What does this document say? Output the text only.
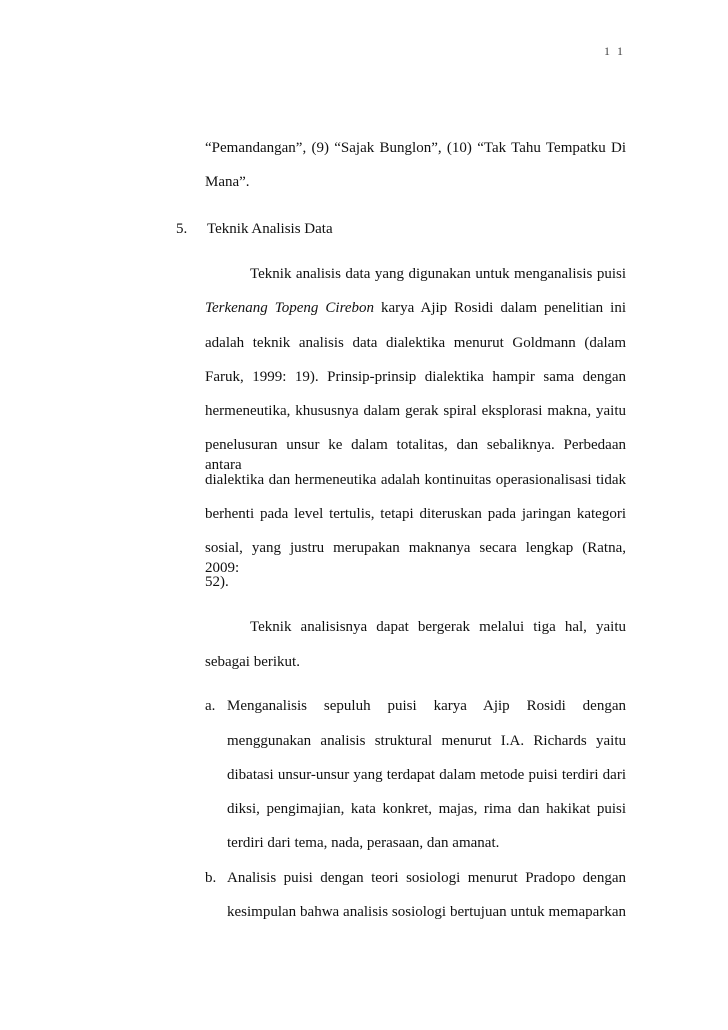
1 1
“Pemandangan”, (9) “Sajak Bunglon”, (10) “Tak Tahu Tempatku Di
Mana”.
5. Teknik Analisis Data
Teknik analisis data yang digunakan untuk menganalisis puisi
Terkenang Topeng Cirebon karya Ajip Rosidi dalam penelitian ini
adalah teknik analisis data dialektika menurut Goldmann (dalam
Faruk, 1999: 19). Prinsip-prinsip dialektika hampir sama dengan
hermeneutika, khususnya dalam gerak spiral eksplorasi makna, yaitu
penelusuran unsur ke dalam totalitas, dan sebaliknya. Perbedaan antara
dialektika dan hermeneutika adalah kontinuitas operasionalisasi tidak
berhenti pada level tertulis, tetapi diteruskan pada jaringan kategori
sosial, yang justru merupakan maknanya secara lengkap (Ratna, 2009:
52).
Teknik analisisnya dapat bergerak melalui tiga hal, yaitu
sebagai berikut.
a. Menganalisis sepuluh puisi karya Ajip Rosidi dengan
menggunakan analisis struktural menurut I.A. Richards yaitu
dibatasi unsur-unsur yang terdapat dalam metode puisi terdiri dari
diksi, pengimajian, kata konkret, majas, rima dan hakikat puisi
terdiri dari tema, nada, perasaan, dan amanat.
b. Analisis puisi dengan teori sosiologi menurut Pradopo dengan
kesimpulan bahwa analisis sosiologi bertujuan untuk memaparkan
